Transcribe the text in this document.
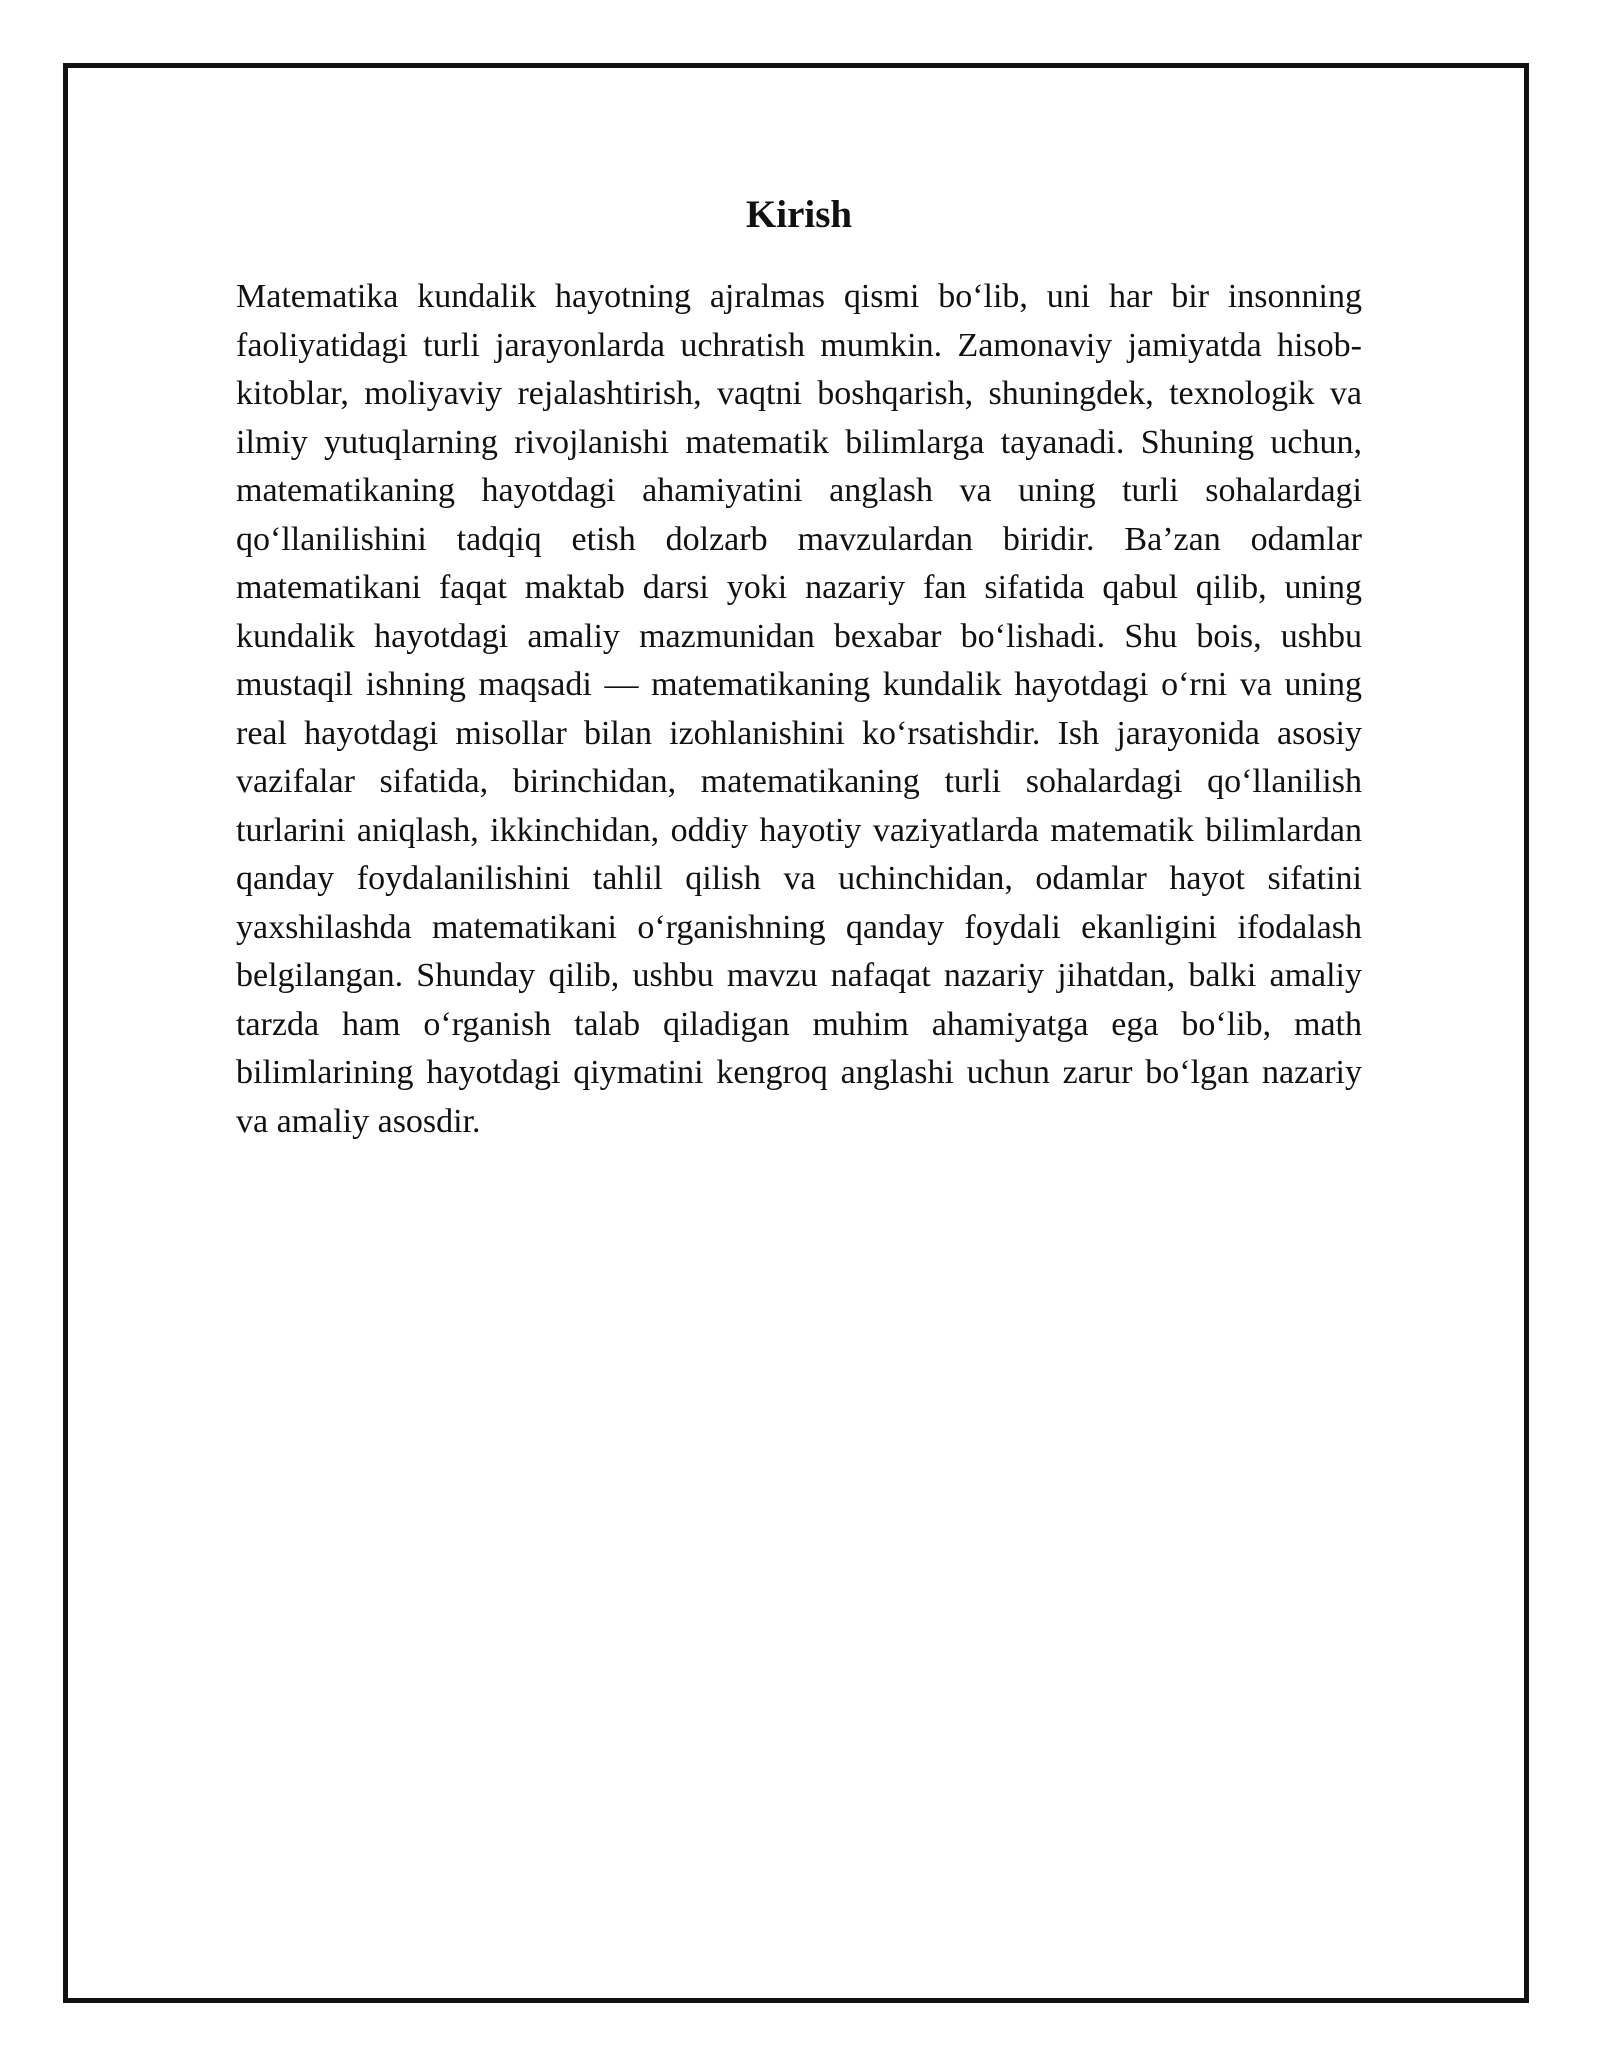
Kirish

Matematika kundalik hayotning ajralmas qismi bo‘lib, uni har bir insonning faoliyatidagi turli jarayonlarda uchratish mumkin. Zamonaviy jamiyatda hisob-kitoblar, moliyaviy rejalashtirish, vaqtni boshqarish, shuningdek, texnologik va ilmiy yutuqlarning rivojlanishi matematik bilimlarga tayanadi. Shuning uchun, matematikaning hayotdagi ahamiyatini anglash va uning turli sohalardagi qo‘llanilishini tadqiq etish dolzarb mavzulardan biridir. Ba’zan odamlar matematikani faqat maktab darsi yoki nazariy fan sifatida qabul qilib, uning kundalik hayotdagi amaliy mazmunidan bexabar bo‘lishadi. Shu bois, ushbu mustaqil ishning maqsadi — matematikaning kundalik hayotdagi o‘rni va uning real hayotdagi misollar bilan izohlanishini ko‘rsatishdir. Ish jarayonida asosiy vazifalar sifatida, birinchidan, matematikaning turli sohalardagi qo‘llanilish turlarini aniqlash, ikkinchidan, oddiy hayotiy vaziyatlarda matematik bilimlardan qanday foydalanilishini tahlil qilish va uchinchidan, odamlar hayot sifatini yaxshilashda matematikani o‘rganishning qanday foydali ekanligini ifodalash belgilangan. Shunday qilib, ushbu mavzu nafaqat nazariy jihatdan, balki amaliy tarzda ham o‘rganish talab qiladigan muhim ahamiyatga ega bo‘lib, math bilimlarining hayotdagi qiymatini kengroq anglashi uchun zarur bo‘lgan nazariy va amaliy asosdir.
